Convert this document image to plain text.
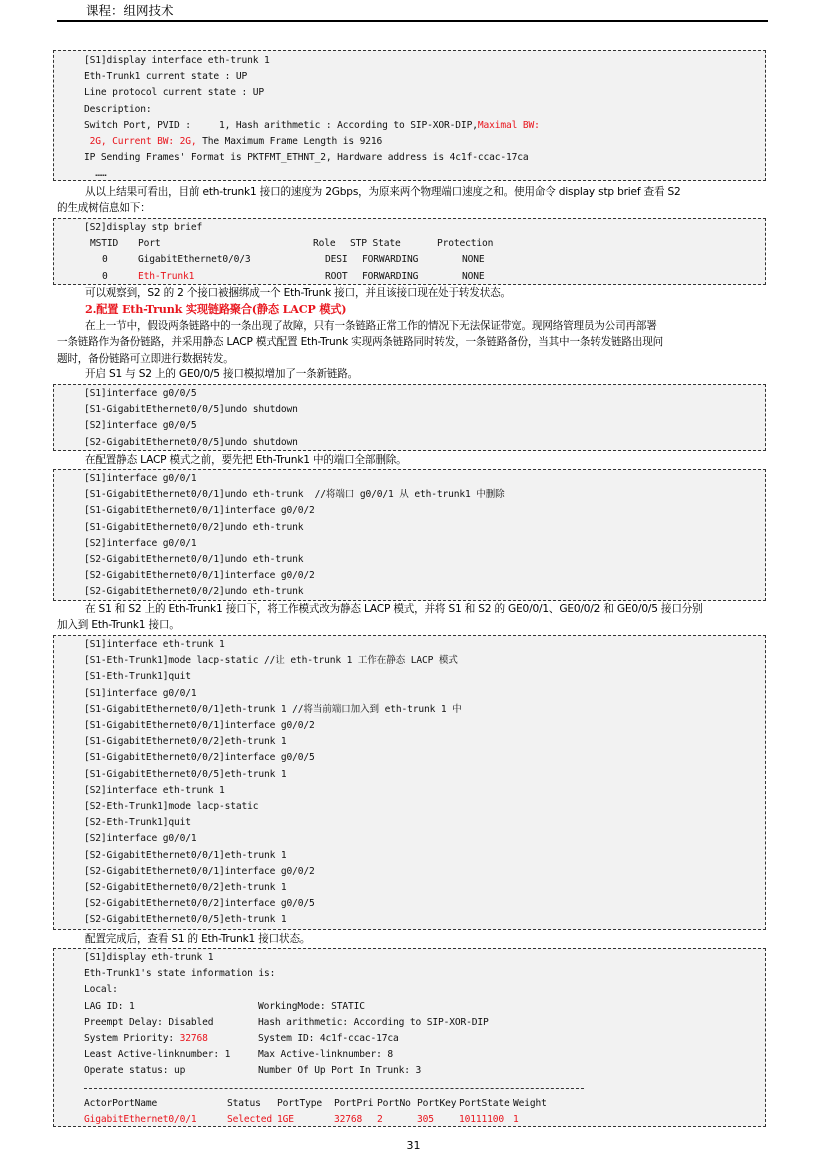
课程：组网技术
[S1]display interface eth-trunk 1
Eth-Trunk1 current state : UP
Line protocol current state : UP
Description:
Switch Port, PVID :     1, Hash arithmetic : According to SIP-XOR-DIP,Maximal BW:
2G, Current BW: 2G, The Maximum Frame Length is 9216
IP Sending Frames' Format is PKTFMT_ETHNT_2, Hardware address is 4c1f-ccac-17ca
……
从以上结果可看出，目前 eth-trunk1 接口的速度为 2Gbps，为原来两个物理端口速度之和。使用命令 display stp brief 查看 S2
的生成树信息如下：
[S2]display stp brief
MSTID	Port	Role	STP State	Protection
0	GigabitEthernet0/0/3	DESI	FORWARDING	NONE
0	Eth-Trunk1	ROOT	FORWARDING	NONE
可以观察到，S2 的 2 个接口被捆绑成一个 Eth-Trunk 接口，并且该接口现在处于转发状态。
2.配置 Eth-Trunk 实现链路聚合(静态 LACP 模式)
在上一节中，假设两条链路中的一条出现了故障，只有一条链路正常工作的情况下无法保证带宽。现网络管理员为公司再部署
一条链路作为备份链路，并采用静态 LACP 模式配置 Eth-Trunk 实现两条链路同时转发，一条链路备份，当其中一条转发链路出现问
题时，备份链路可立即进行数据转发。
开启 S1 与 S2 上的 GE0/0/5 接口模拟增加了一条新链路。
[S1]interface g0/0/5
[S1-GigabitEthernet0/0/5]undo shutdown
[S2]interface g0/0/5
[S2-GigabitEthernet0/0/5]undo shutdown
在配置静态 LACP 模式之前，要先把 Eth-Trunk1 中的端口全部删除。
[S1]interface g0/0/1
[S1-GigabitEthernet0/0/1]undo eth-trunk  //将端口 g0/0/1 从 eth-trunk1 中删除
[S1-GigabitEthernet0/0/1]interface g0/0/2
[S1-GigabitEthernet0/0/2]undo eth-trunk
[S2]interface g0/0/1
[S2-GigabitEthernet0/0/1]undo eth-trunk
[S2-GigabitEthernet0/0/1]interface g0/0/2
[S2-GigabitEthernet0/0/2]undo eth-trunk
在 S1 和 S2 上的 Eth-Trunk1 接口下，将工作模式改为静态 LACP 模式，并将 S1 和 S2 的 GE0/0/1、GE0/0/2 和 GE0/0/5 接口分别
加入到 Eth-Trunk1 接口。
[S1]interface eth-trunk 1
[S1-Eth-Trunk1]mode lacp-static //让 eth-trunk 1 工作在静态 LACP 模式
[S1-Eth-Trunk1]quit
[S1]interface g0/0/1
[S1-GigabitEthernet0/0/1]eth-trunk 1 //将当前端口加入到 eth-trunk 1 中
[S1-GigabitEthernet0/0/1]interface g0/0/2
[S1-GigabitEthernet0/0/2]eth-trunk 1
[S1-GigabitEthernet0/0/2]interface g0/0/5
[S1-GigabitEthernet0/0/5]eth-trunk 1
[S2]interface eth-trunk 1
[S2-Eth-Trunk1]mode lacp-static
[S2-Eth-Trunk1]quit
[S2]interface g0/0/1
[S2-GigabitEthernet0/0/1]eth-trunk 1
[S2-GigabitEthernet0/0/1]interface g0/0/2
[S2-GigabitEthernet0/0/2]eth-trunk 1
[S2-GigabitEthernet0/0/2]interface g0/0/5
[S2-GigabitEthernet0/0/5]eth-trunk 1
配置完成后，查看 S1 的 Eth-Trunk1 接口状态。
[S1]display eth-trunk 1
Eth-Trunk1's state information is:
Local:
LAG ID: 1	WorkingMode: STATIC
Preempt Delay: Disabled	Hash arithmetic: According to SIP-XOR-DIP
System Priority: 32768	System ID: 4c1f-ccac-17ca
Least Active-linknumber: 1	Max Active-linknumber: 8
Operate status: up	Number Of Up Port In Trunk: 3
ActorPortName	Status	PortType	PortPri PortNo PortKey PortState Weight
GigabitEthernet0/0/1	Selected 1GE	32768	2	305	10111100 1
31
